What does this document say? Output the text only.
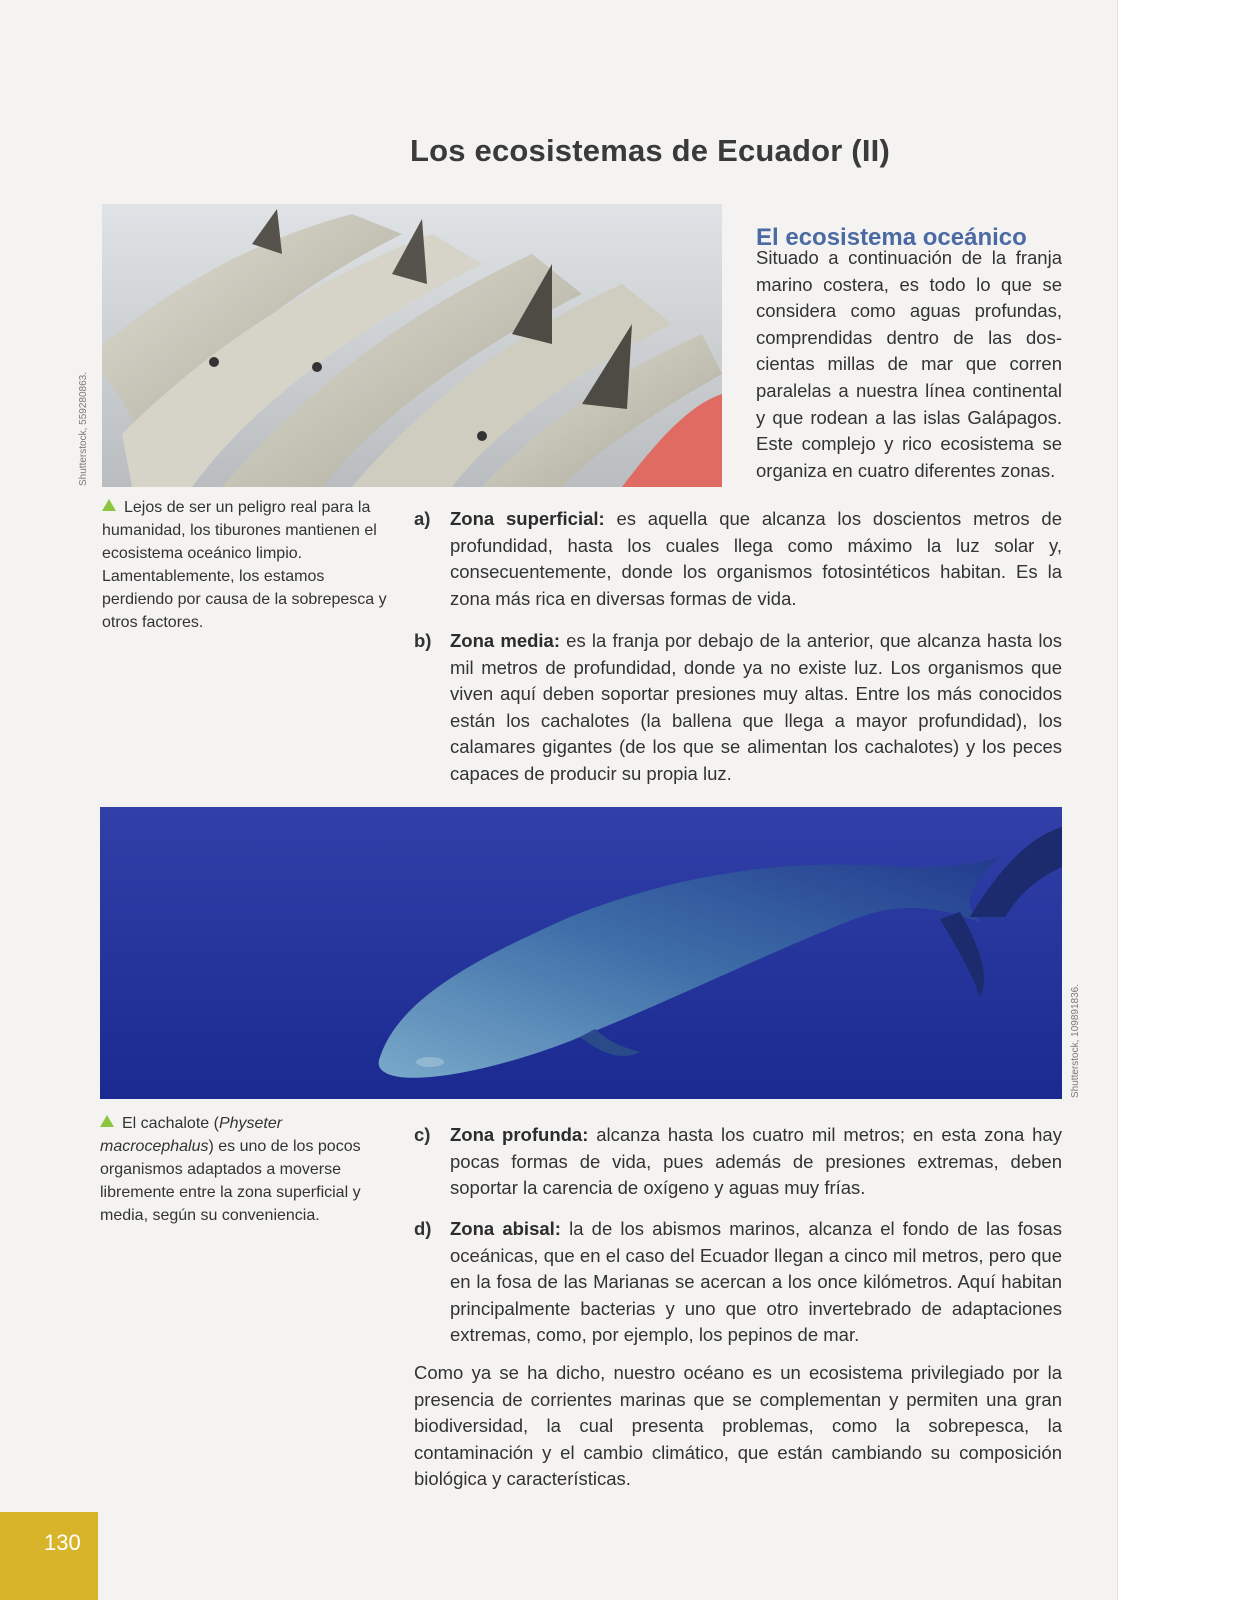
Los ecosistemas de Ecuador (II)
Shutterstock, 559280863.
El ecosistema oceánico

Situado a continuación de la franja marino costera, es todo lo que se considera como aguas profundas, comprendidas dentro de las doscientas millas de mar que corren paralelas a nuestra línea continental y que rodean a las islas Galápagos. Este complejo y rico ecosistema se organiza en cuatro diferentes zonas.

Lejos de ser un peligro real para la humanidad, los tiburones mantienen el ecosistema oceánico limpio. Lamentablemente, los estamos perdiendo por causa de la sobrepesca y otros factores.
a) Zona superficial: es aquella que alcanza los doscientos metros de profundidad, hasta los cuales llega como máximo la luz solar y, consecuentemente, donde los organismos fotosintéticos habitan. Es la zona más rica en diversas formas de vida.
b) Zona media: es la franja por debajo de la anterior, que alcanza hasta los mil metros de profundidad, donde ya no existe luz. Los organismos que viven aquí deben soportar presiones muy altas. Entre los más conocidos están los cachalotes (la ballena que llega a mayor profundidad), los calamares gigantes (de los que se alimentan los cachalotes) y los peces capaces de producir su propia luz.
Shutterstock, 109891836.
El cachalote (Physeter macrocephalus) es uno de los pocos organismos adaptados a moverse libremente entre la zona superficial y media, según su conveniencia.
c) Zona profunda: alcanza hasta los cuatro mil metros; en esta zona hay pocas formas de vida, pues además de presiones extremas, deben soportar la carencia de oxígeno y aguas muy frías.
d) Zona abisal: la de los abismos marinos, alcanza el fondo de las fosas oceánicas, que en el caso del Ecuador llegan a cinco mil metros, pero que en la fosa de las Marianas se acercan a los once kilómetros. Aquí habitan principalmente bacterias y uno que otro invertebrado de adaptaciones extremas, como, por ejemplo, los pepinos de mar.

Como ya se ha dicho, nuestro océano es un ecosistema privilegiado por la presencia de corrientes marinas que se complementan y permiten una gran biodiversidad, la cual presenta problemas, como la sobrepesca, la contaminación y el cambio climático, que están cambiando su composición biológica y características.

130
